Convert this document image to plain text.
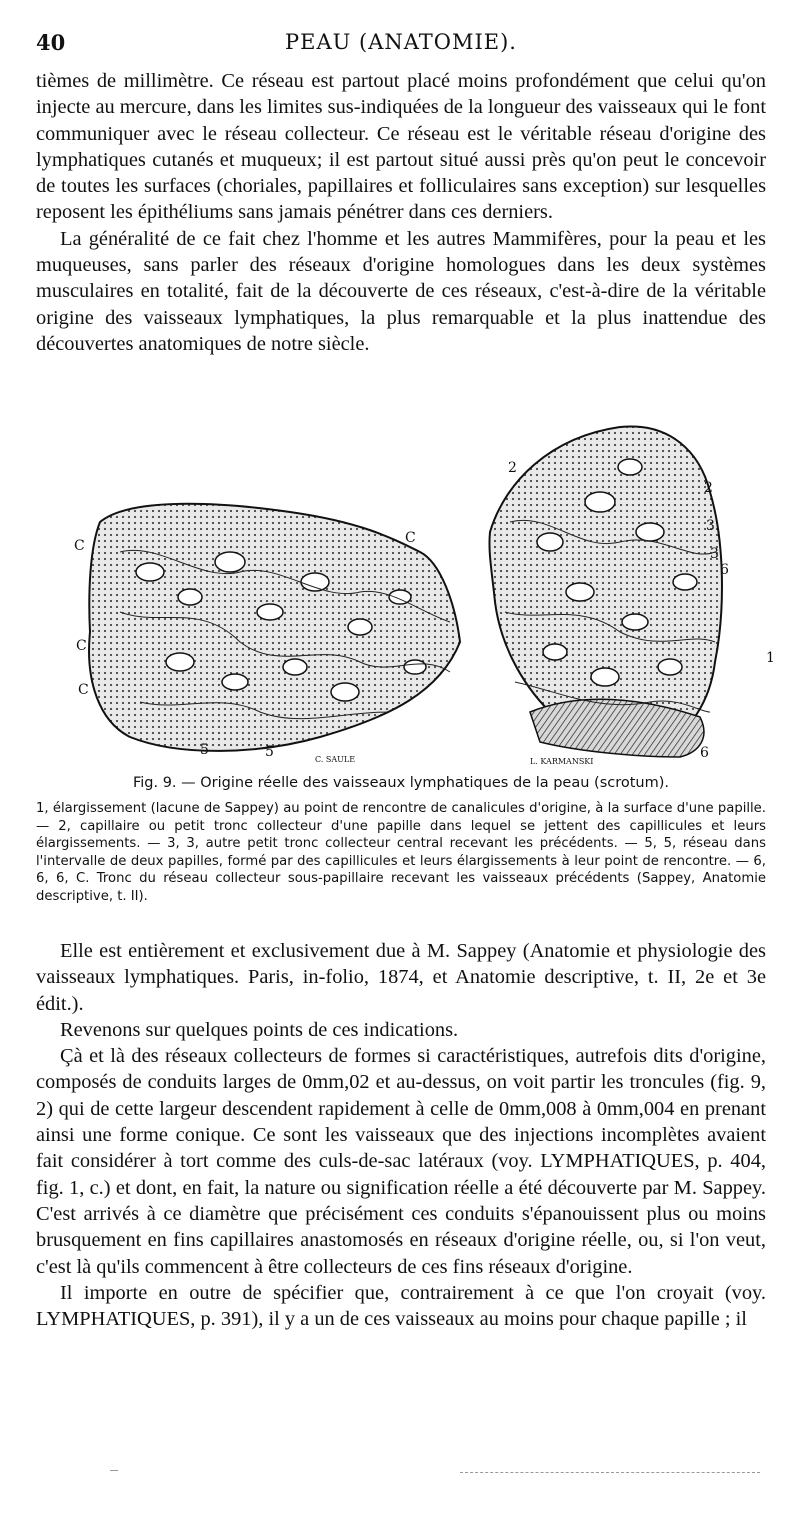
40	PEAU (ANATOMIE).

tièmes de millimètre. Ce réseau est partout placé moins profondément que celui qu'on injecte au mercure, dans les limites sus-indiquées de la longueur des vaisseaux qui le font communiquer avec le réseau collecteur. Ce réseau est le véritable réseau d'origine des lymphatiques cutanés et muqueux; il est partout situé aussi près qu'on peut le concevoir de toutes les surfaces (choriales, papillaires et folliculaires sans exception) sur lesquelles reposent les épithéliums sans jamais pénétrer dans ces derniers.

La généralité de ce fait chez l'homme et les autres Mammifères, pour la peau et les muqueuses, sans parler des réseaux d'origine homologues dans les deux systèmes musculaires en totalité, fait de la découverte de ces réseaux, c'est-à-dire de la véritable origine des vaisseaux lymphatiques, la plus remarquable et la plus inattendue des découvertes anatomiques de notre siècle.

C	C
C
C
2
2
3
3
1
5	5	6
6
C. SAULE	L. KARMANSKI
Fig. 9. — Origine réelle des vaisseaux lymphatiques de la peau (scrotum).

1, élargissement (lacune de Sappey) au point de rencontre de canalicules d'origine, à la surface d'une papille. — 2, capillaire ou petit tronc collecteur d'une papille dans lequel se jettent des capillicules et leurs élargissements. — 3, 3, autre petit tronc collecteur central recevant les précédents. — 5, 5, réseau dans l'intervalle de deux papilles, formé par des capillicules et leurs élargissements à leur point de rencontre. — 6, 6, 6, C. Tronc du réseau collecteur sous-papillaire recevant les vaisseaux précédents (Sappey, Anatomie descriptive, t. II).

Elle est entièrement et exclusivement due à M. Sappey (Anatomie et physiologie des vaisseaux lymphatiques. Paris, in-folio, 1874, et Anatomie descriptive, t. II, 2e et 3e édit.).

Revenons sur quelques points de ces indications.

Çà et là des réseaux collecteurs de formes si caractéristiques, autrefois dits d'origine, composés de conduits larges de 0mm,02 et au-dessus, on voit partir les troncules (fig. 9, 2) qui de cette largeur descendent rapidement à celle de 0mm,008 à 0mm,004 en prenant ainsi une forme conique. Ce sont les vaisseaux que des injections incomplètes avaient fait considérer à tort comme des culs-de-sac latéraux (voy. LYMPHATIQUES, p. 404, fig. 1, c.) et dont, en fait, la nature ou signification réelle a été découverte par M. Sappey. C'est arrivés à ce diamètre que précisément ces conduits s'épanouissent plus ou moins brusquement en fins capillaires anastomosés en réseaux d'origine réelle, ou, si l'on veut, c'est là qu'ils commencent à être collecteurs de ces fins réseaux d'origine.

Il importe en outre de spécifier que, contrairement à ce que l'on croyait (voy. LYMPHATIQUES, p. 391), il y a un de ces vaisseaux au moins pour chaque papille ; il
